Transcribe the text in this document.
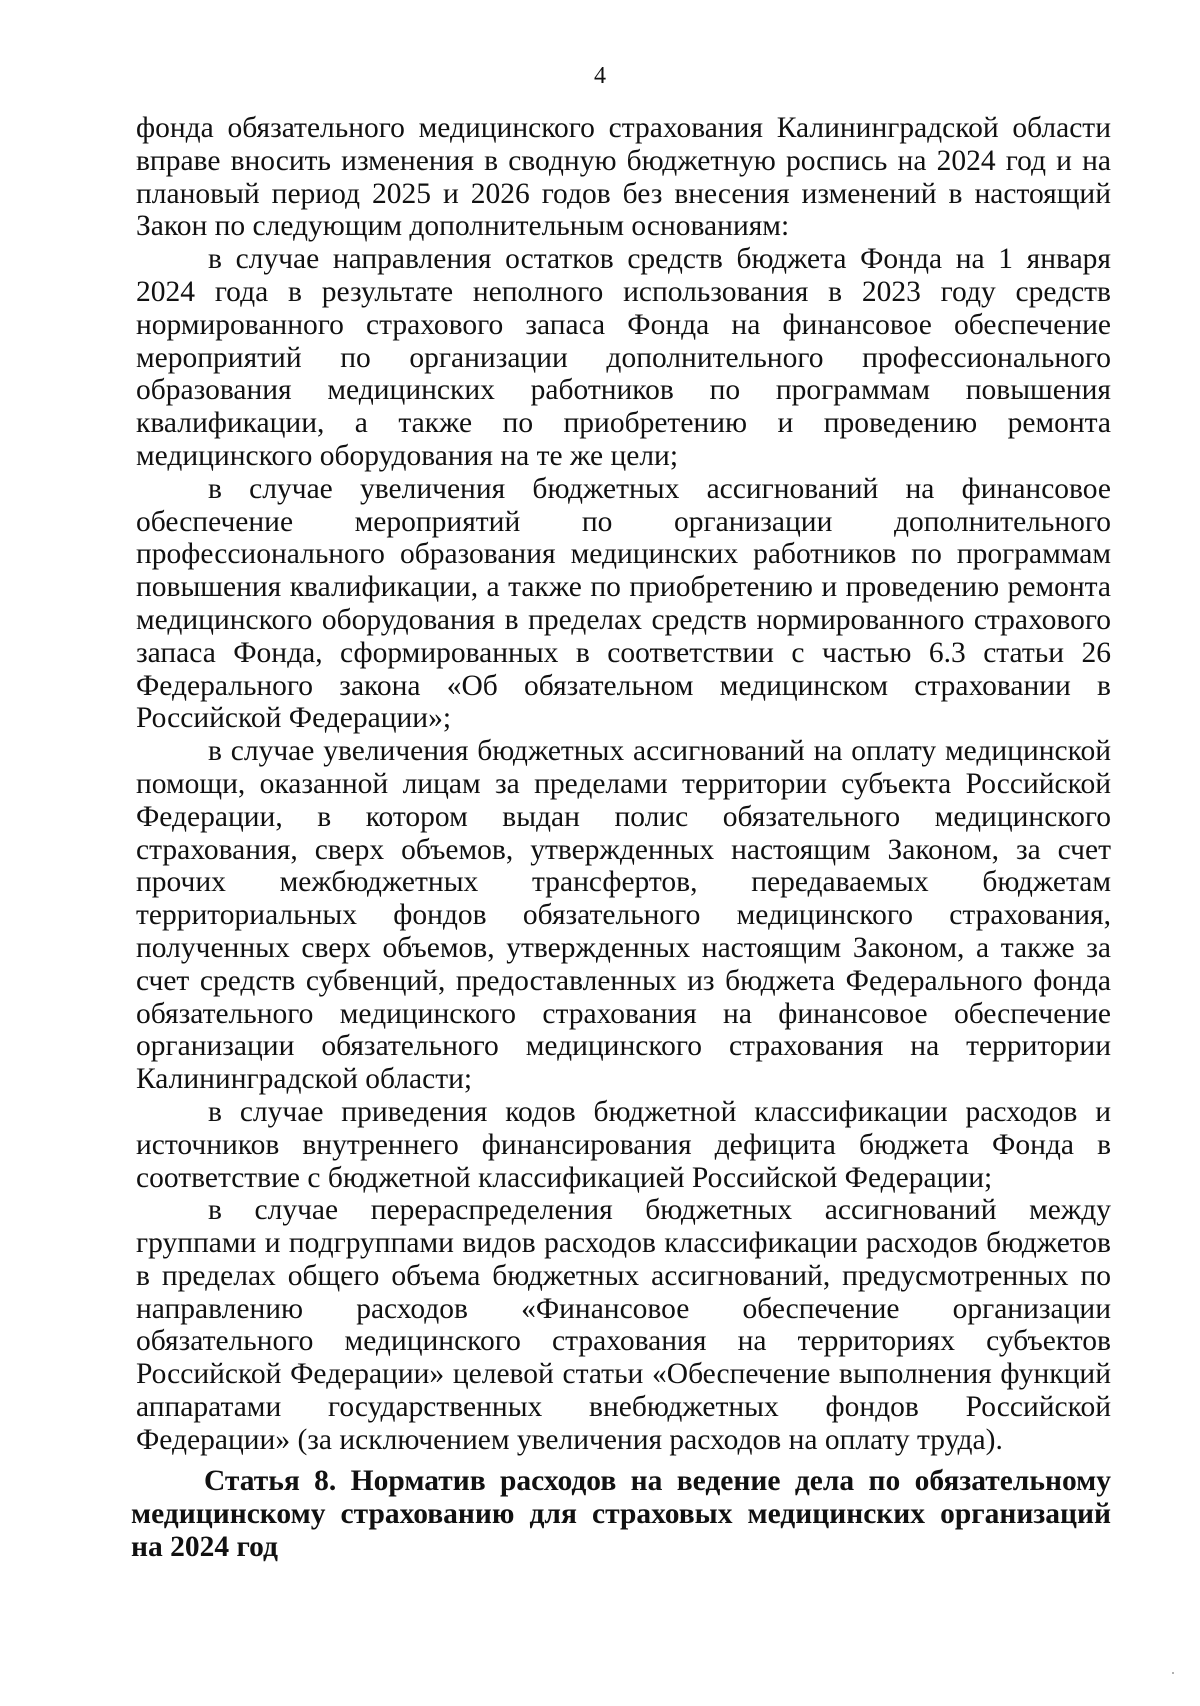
4

фонда обязательного медицинского страхования Калининградской области вправе вносить изменения в сводную бюджетную роспись на 2024 год и на плановый период 2025 и 2026 годов без внесения изменений в настоящий Закон по следующим дополнительным основаниям:

в случае направления остатков средств бюджета Фонда на 1 января 2024 года в результате неполного использования в 2023 году средств нормированного страхового запаса Фонда на финансовое обеспечение мероприятий по организации дополнительного профессионального образования медицинских работников по программам повышения квалификации, а также по приобретению и проведению ремонта медицинского оборудования на те же цели;

в случае увеличения бюджетных ассигнований на финансовое обеспечение мероприятий по организации дополнительного профессионального образования медицинских работников по программам повышения квалификации, а также по приобретению и проведению ремонта медицинского оборудования в пределах средств нормированного страхового запаса Фонда, сформированных в соответствии с частью 6.3 статьи 26 Федерального закона «Об обязательном медицинском страховании в Российской Федерации»;

в случае увеличения бюджетных ассигнований на оплату медицинской помощи, оказанной лицам за пределами территории субъекта Российской Федерации, в котором выдан полис обязательного медицинского страхования, сверх объемов, утвержденных настоящим Законом, за счет прочих межбюджетных трансфертов, передаваемых бюджетам территориальных фондов обязательного медицинского страхования, полученных сверх объемов, утвержденных настоящим Законом, а также за счет средств субвенций, предоставленных из бюджета Федерального фонда обязательного медицинского страхования на финансовое обеспечение организации обязательного медицинского страхования на территории Калининградской области;

в случае приведения кодов бюджетной классификации расходов и источников внутреннего финансирования дефицита бюджета Фонда в соответствие с бюджетной классификацией Российской Федерации;

в случае перераспределения бюджетных ассигнований между группами и подгруппами видов расходов классификации расходов бюджетов в пределах общего объема бюджетных ассигнований, предусмотренных по направлению расходов «Финансовое обеспечение организации обязательного медицинского страхования на территориях субъектов Российской Федерации» целевой статьи «Обеспечение выполнения функций аппаратами государственных внебюджетных фондов Российской Федерации» (за исключением увеличения расходов на оплату труда).

Статья 8. Норматив расходов на ведение дела по обязательному медицинскому страхованию для страховых медицинских организаций на 2024 год
